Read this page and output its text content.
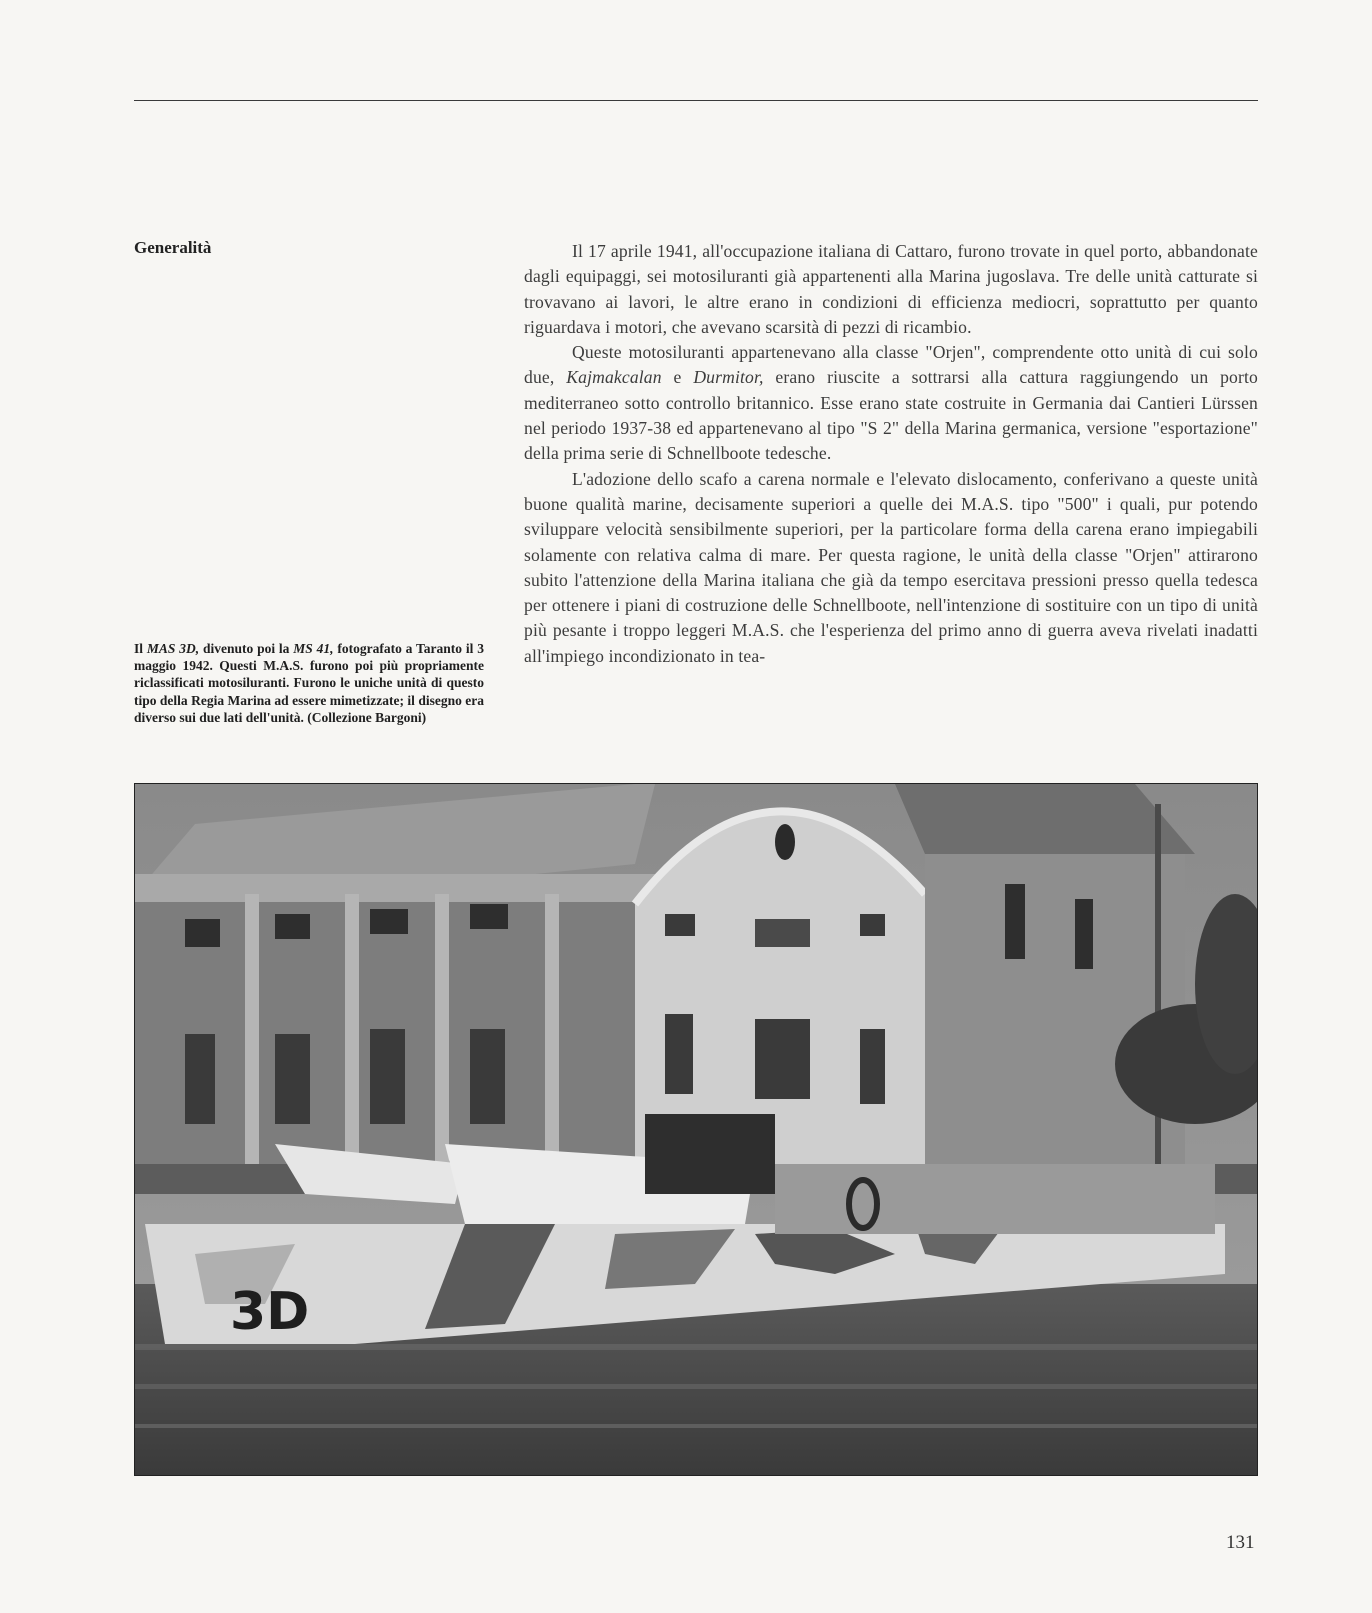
Generalità	Il 17 aprile 1941, all'occupazione italiana di Cattaro, furono trovate in quel porto, abbandonate dagli equipaggi, sei motosiluranti già appartenenti alla Marina jugoslava. Tre delle unità catturate si trovavano ai lavori, le altre erano in condizioni di efficienza mediocri, soprattutto per quanto riguardava i motori, che avevano scarsità di pezzi di ricambio.

Queste motosiluranti appartenevano alla classe "Orjen", comprendente otto unità di cui solo due, Kajmakcalan e Durmitor, erano riuscite a sottrarsi alla cattura raggiungendo un porto mediterraneo sotto controllo britannico. Esse erano state costruite in Germania dai Cantieri Lürssen nel periodo 1937-38 ed appartenevano al tipo "S 2" della Marina germanica, versione "esportazione" della prima serie di Schnellboote tedesche.

L'adozione dello scafo a carena normale e l'elevato dislocamento, conferivano a queste unità buone qualità marine, decisamente superiori a quelle dei M.A.S. tipo "500" i quali, pur potendo sviluppare velocità sensibilmente superiori, per la particolare forma della carena erano impiegabili solamente con relativa calma di mare. Per questa ragione, le unità della classe "Orjen" attirarono subito l'attenzione della Marina italiana che già da tempo esercitava pressioni presso quella tedesca per ottenere i piani di costruzione delle Schnellboote, nell'intenzione di sostituire con un tipo di unità più pesante i troppo leggeri M.A.S. che l'esperienza del primo anno di guerra aveva rivelati inadatti all'impiego incondizionato in tea-

Il MAS 3D, divenuto poi la MS 41, fotografato a Taranto il 3 maggio 1942. Questi M.A.S. furono poi più propriamente riclassificati motosiluranti. Furono le uniche unità di questo tipo della Regia Marina ad essere mimetizzate; il disegno era diverso sui due lati dell'unità. (Collezione Bargoni)
3D
131
